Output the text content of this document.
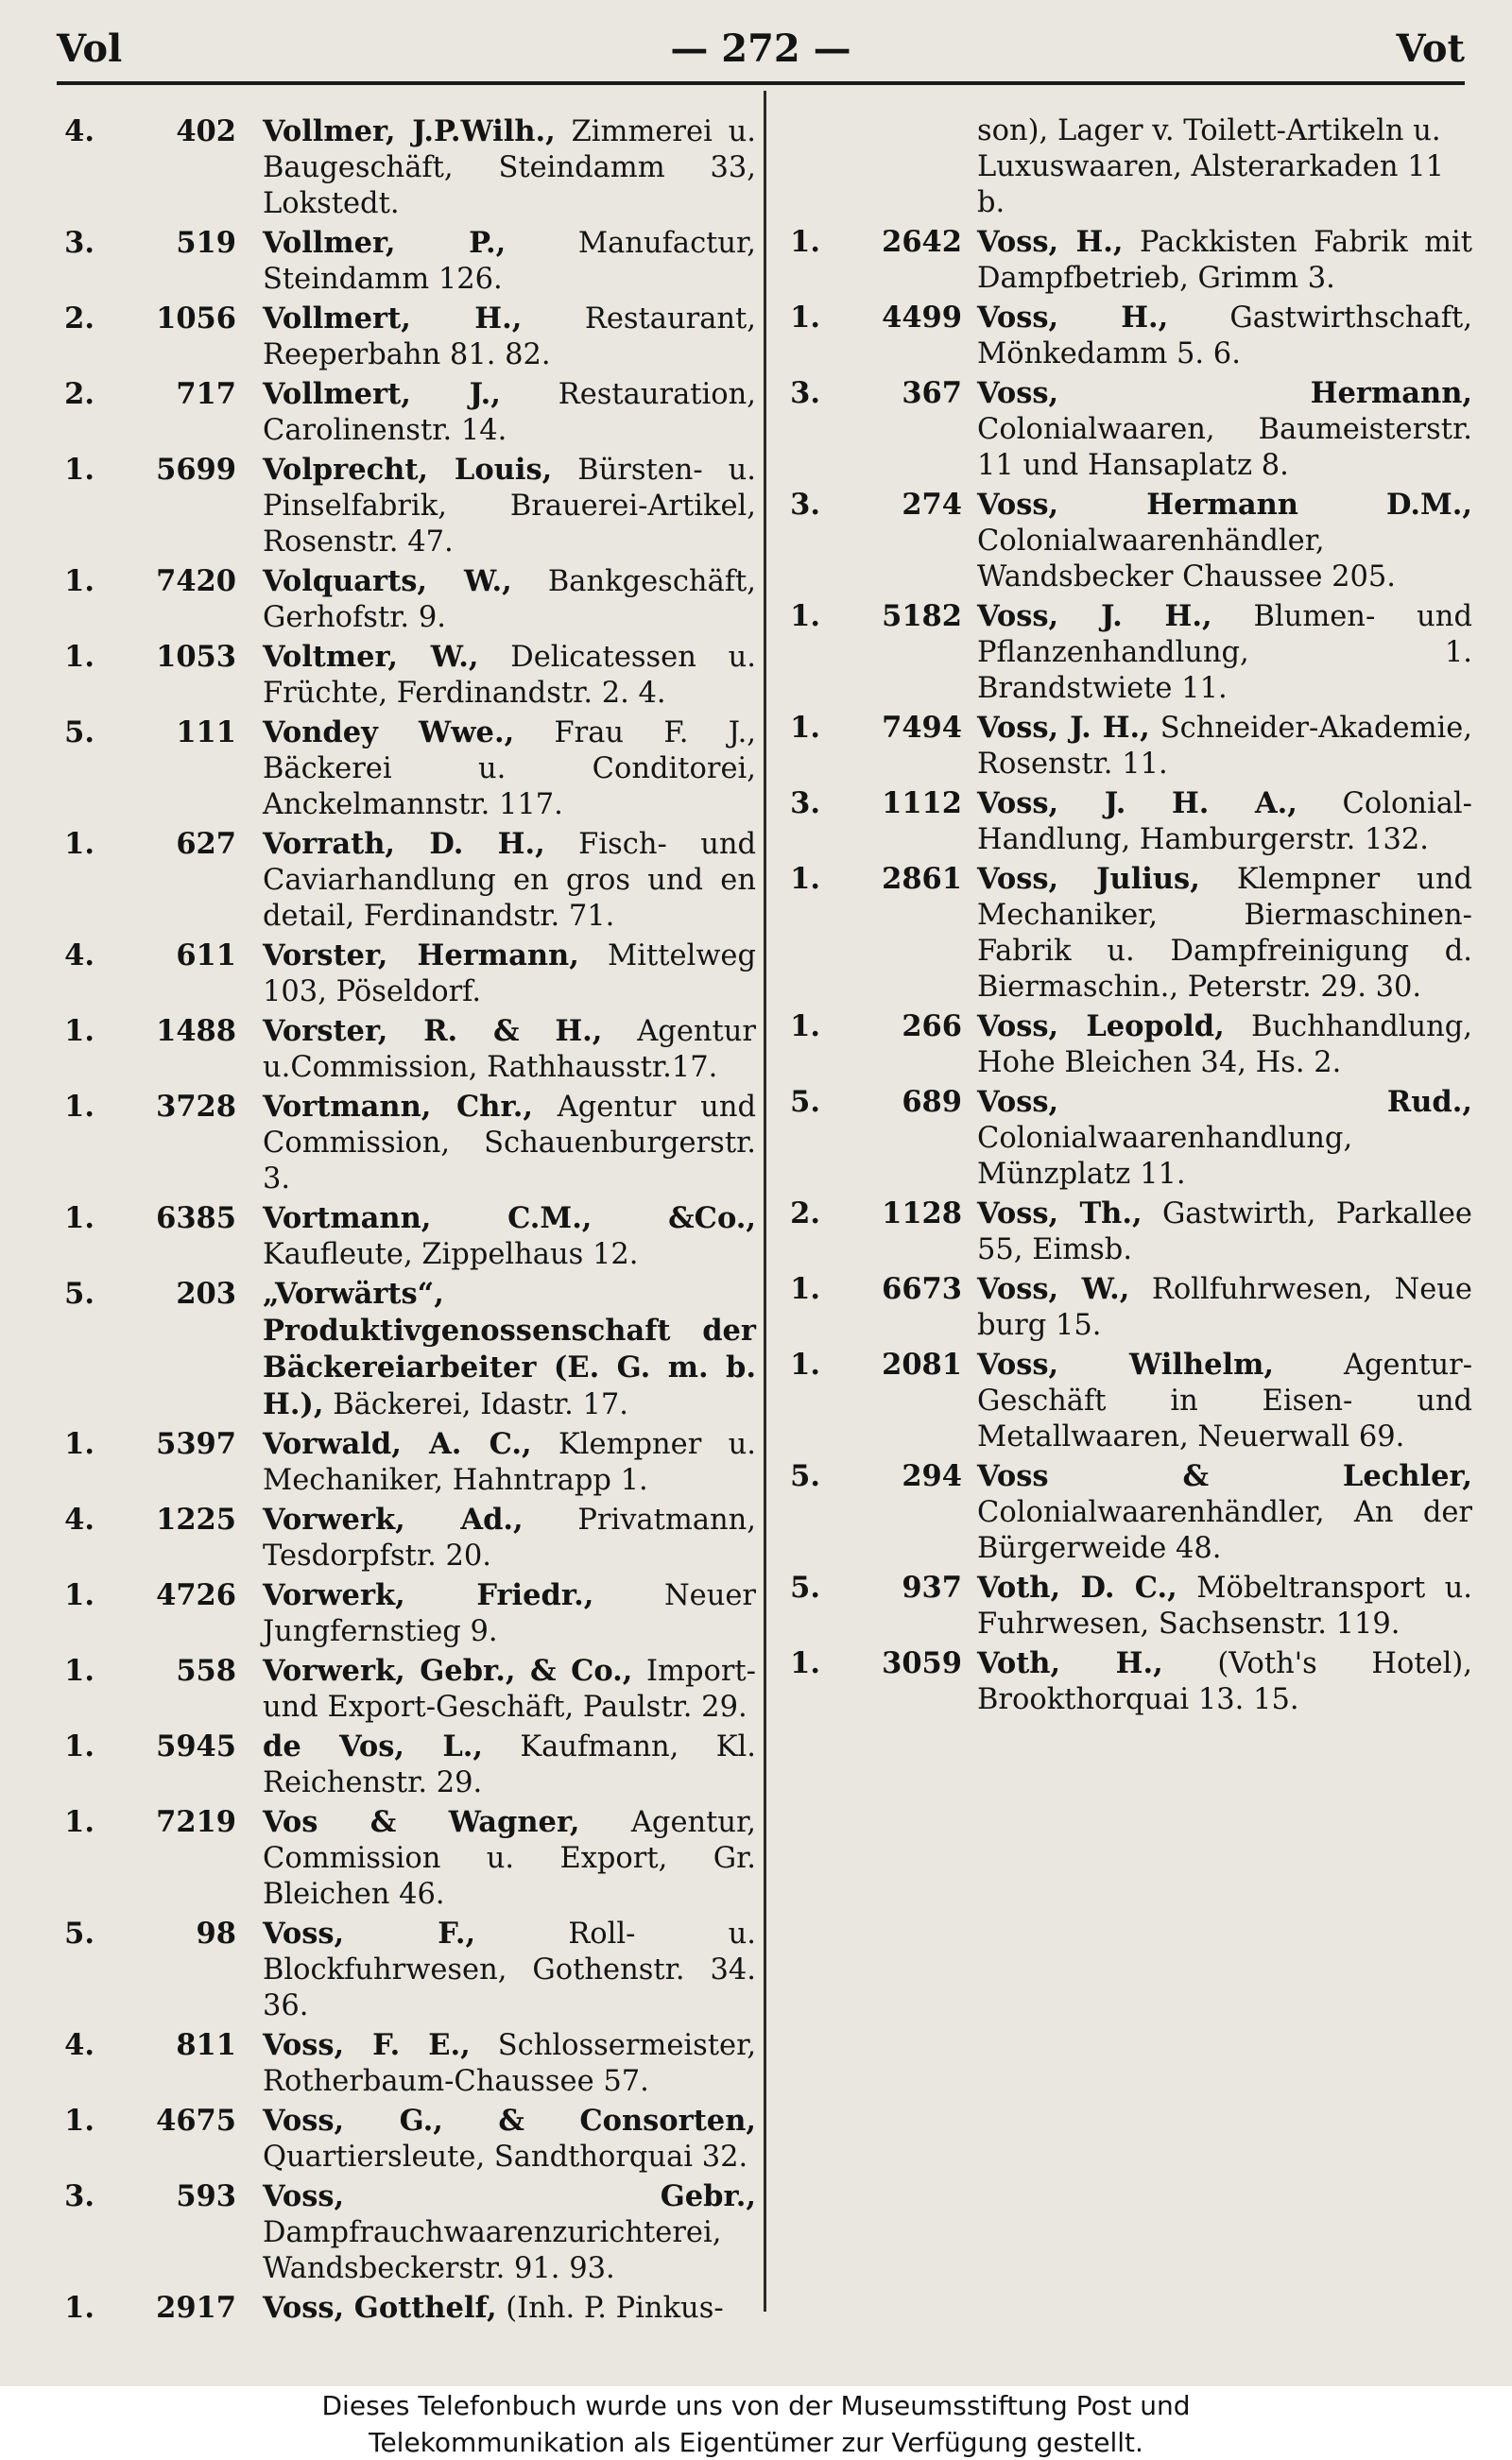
Vol	— 272 —	Vot
4.	402 Vollmer, J.P.Wilh., Zimmerei u. Baugeschäft, Steindamm 33, Lokstedt.
3.	519 Vollmer, P.,	Manufactur, Steindamm 126.
2. 1056 Vollmert, H., Restaurant, Reeperbahn 81. 82.
2.	717 Vollmert, J., Restauration, Carolinenstr. 14.
1. 5699 Volprecht, Louis, Bürsten- u. Pinselfabrik, Brauerei-Artikel, Rosenstr. 47.
1. 7420 Volquarts, W., Bankgeschäft, Gerhofstr. 9.
1. 1053 Voltmer, W., Delicatessen u. Früchte, Ferdinandstr. 2. 4.
5.	111 Vondey Wwe., Frau F. J., Bäckerei u. Conditorei, Anckelmannstr. 117.
1.	627 Vorrath, D. H., Fisch- und Caviarhandlung en gros und en detail, Ferdinandstr. 71.
4.	611 Vorster, Hermann, Mittelweg 103, Pöseldorf.
1. 1488 Vorster, R. & H., Agentur u.Commission, Rathhausstr.17.
1. 3728 Vortmann, Chr., Agentur und Commission, Schauenburgerstr. 3.
1. 6385 Vortmann, C.M., &Co., Kaufleute, Zippelhaus 12.
5.	203 „Vorwärts“, Produktivgenossenschaft der Bäckereiarbeiter (E. G. m. b. H.), Bäckerei, Idastr. 17.
1. 5397 Vorwald, A. C., Klempner u. Mechaniker, Hahntrapp 1.
4. 1225 Vorwerk, Ad., Privatmann, Tesdorpfstr. 20.
1. 4726 Vorwerk, Friedr., Neuer Jungfernstieg 9.
1.	558 Vorwerk, Gebr., & Co., Import- und Export-Geschäft, Paulstr. 29.
1. 5945 de Vos, L., Kaufmann, Kl. Reichenstr. 29.
1. 7219 Vos & Wagner, Agentur, Commission u. Export, Gr. Bleichen 46.
5.	98 Voss, F.,	Roll- u. Blockfuhrwesen, Gothenstr. 34. 36.
4.	811 Voss, F. E., Schlossermeister, Rotherbaum-Chaussee 57.
1. 4675 Voss, G., & Consorten, Quartiersleute, Sandthorquai 32.
3.	593 Voss, Gebr., Dampfrauchwaarenzurichterei, Wandsbeckerstr. 91. 93.
1. 2917 Voss, Gotthelf, (Inh. P. Pinkus-
son), Lager v. Toilett-Artikeln u. Luxuswaaren, Alsterarkaden 11 b.
1. 2642 Voss, H., Packkisten Fabrik mit Dampfbetrieb, Grimm 3.
1. 4499 Voss, H., Gastwirthschaft, Mönkedamm 5. 6.
3.	367 Voss, Hermann, Colonialwaaren, Baumeisterstr. 11 und Hansaplatz 8.
3.	274 Voss, Hermann D.M., Colonialwaarenhändler, Wandsbecker Chaussee 205.
1. 5182 Voss, J. H., Blumen- und Pflanzenhandlung, 1. Brandstwiete 11.
1. 7494 Voss, J. H., Schneider-Akademie, Rosenstr. 11.
3. 1112 Voss, J. H. A., Colonial-Handlung, Hamburgerstr. 132.
1. 2861 Voss, Julius, Klempner und Mechaniker, Biermaschinen-Fabrik u. Dampfreinigung d. Biermaschin., Peterstr. 29. 30.
1.	266 Voss, Leopold, Buchhandlung, Hohe Bleichen 34, Hs. 2.
5.	689 Voss, Rud., Colonialwaarenhandlung, Münzplatz 11.
2. 1128 Voss, Th., Gastwirth, Parkallee 55, Eimsb.
1. 6673 Voss, W., Rollfuhrwesen, Neue burg 15.
1. 2081 Voss, Wilhelm, Agentur-Geschäft in Eisen- und Metallwaaren, Neuerwall 69.
5.	294 Voss & Lechler, Colonialwaarenhändler, An der Bürgerweide 48.
5.	937 Voth, D. C., Möbeltransport u. Fuhrwesen, Sachsenstr. 119.
1. 3059 Voth, H., (Voth's Hotel), Brookthorquai 13. 15.
Dieses Telefonbuch wurde uns von der Museumsstiftung Post und
Telekommunikation als Eigentümer zur Verfügung gestellt.
